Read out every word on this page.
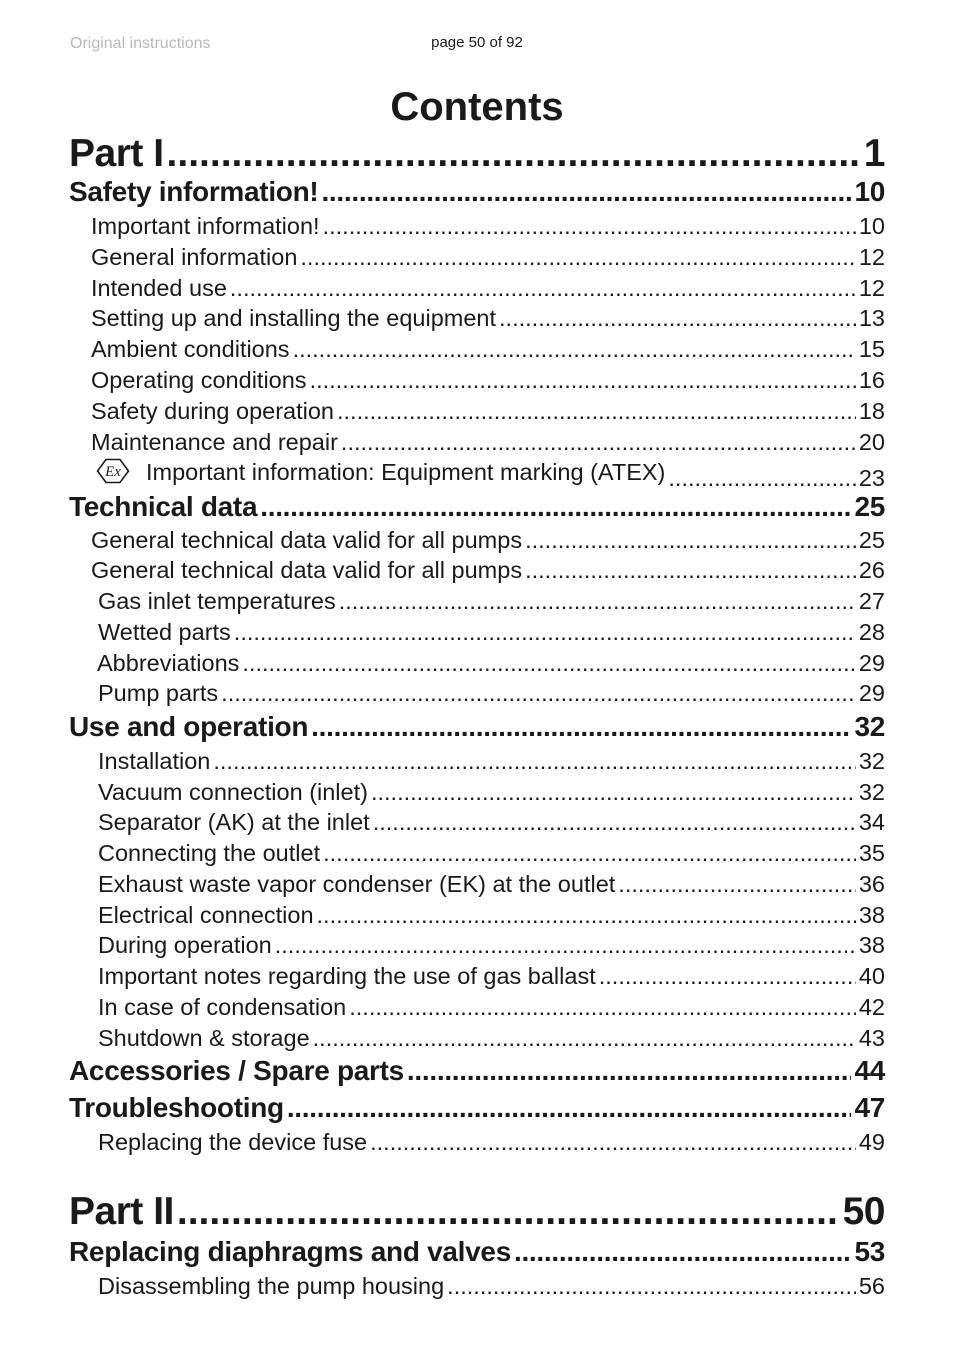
Original instructions	page 50 of 92
Contents
Part I .....	1
Safety information! .....	10
Important information! .....	10
General information .....	12
Intended use .....	12
Setting up and installing the equipment .....	13
Ambient conditions .....	15
Operating conditions .....	16
Safety during operation .....	18
Maintenance and repair .....	20
Ex Important information: Equipment marking (ATEX) .....	23
Technical data .....	25
General technical data valid for all pumps .....	25
General technical data valid for all pumps .....	26
Gas inlet temperatures .....	27
Wetted parts .....	28
Abbreviations .....	29
Pump parts .....	29
Use and operation .....	32
Installation .....	32
Vacuum connection (inlet) .....	32
Separator (AK) at the inlet .....	34
Connecting the outlet .....	35
Exhaust waste vapor condenser (EK) at the outlet .....	36
Electrical connection .....	38
During operation .....	38
Important notes regarding the use of gas ballast .....	40
In case of condensation .....	42
Shutdown & storage .....	43
Accessories / Spare parts .....	44
Troubleshooting .....	47
Replacing the device fuse .....	49
Part II .....	50
Replacing diaphragms and valves .....	53
Disassembling the pump housing .....	56
